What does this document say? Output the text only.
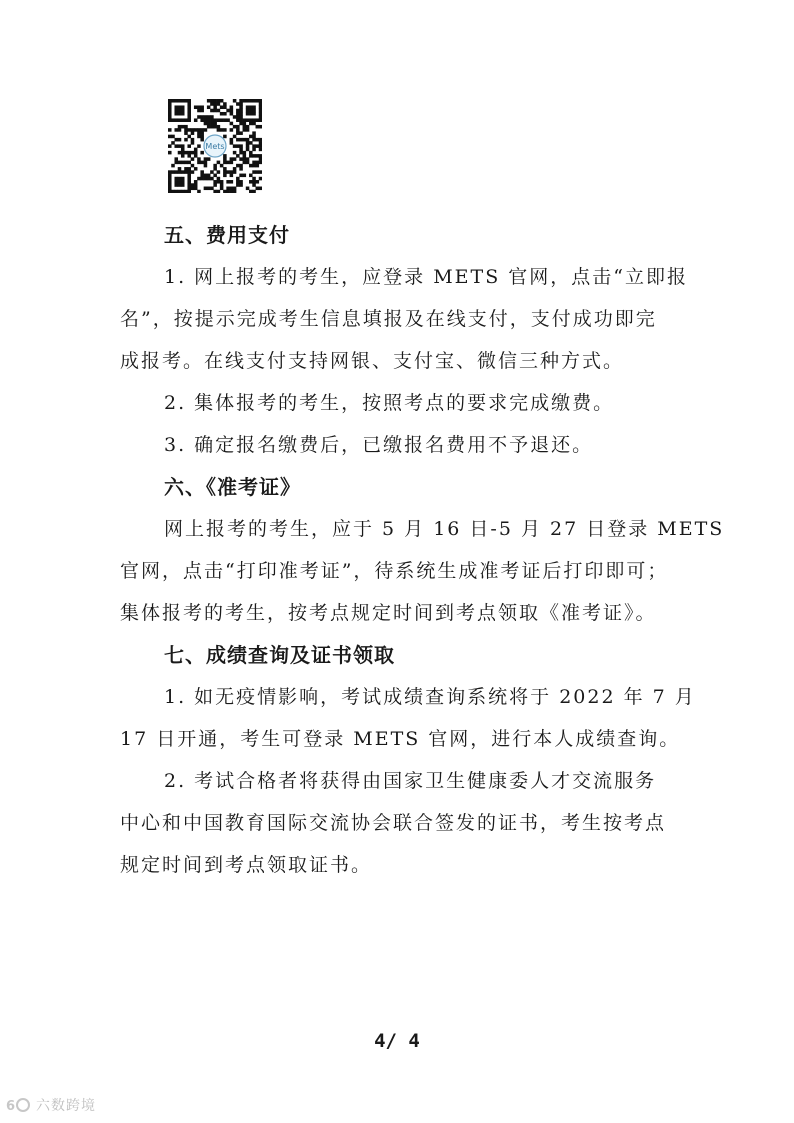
Mets
五、费用支付

1. 网上报考的考生，应登录 METS 官网，点击“立即报
名”，按提示完成考生信息填报及在线支付，支付成功即完
成报考。在线支付支持网银、支付宝、微信三种方式。

2. 集体报考的考生，按照考点的要求完成缴费。

3. 确定报名缴费后，已缴报名费用不予退还。

六、《准考证》

网上报考的考生，应于 5 月 16 日-5 月 27 日登录 METS
官网，点击“打印准考证”，待系统生成准考证后打印即可；
集体报考的考生，按考点规定时间到考点领取《准考证》。

七、成绩查询及证书领取

1. 如无疫情影响，考试成绩查询系统将于 2022 年 7 月
17 日开通，考生可登录 METS 官网，进行本人成绩查询。

2. 考试合格者将获得由国家卫生健康委人才交流服务
中心和中国教育国际交流协会联合签发的证书，考生按考点
规定时间到考点领取证书。

4/ 4
6 六数跨境
